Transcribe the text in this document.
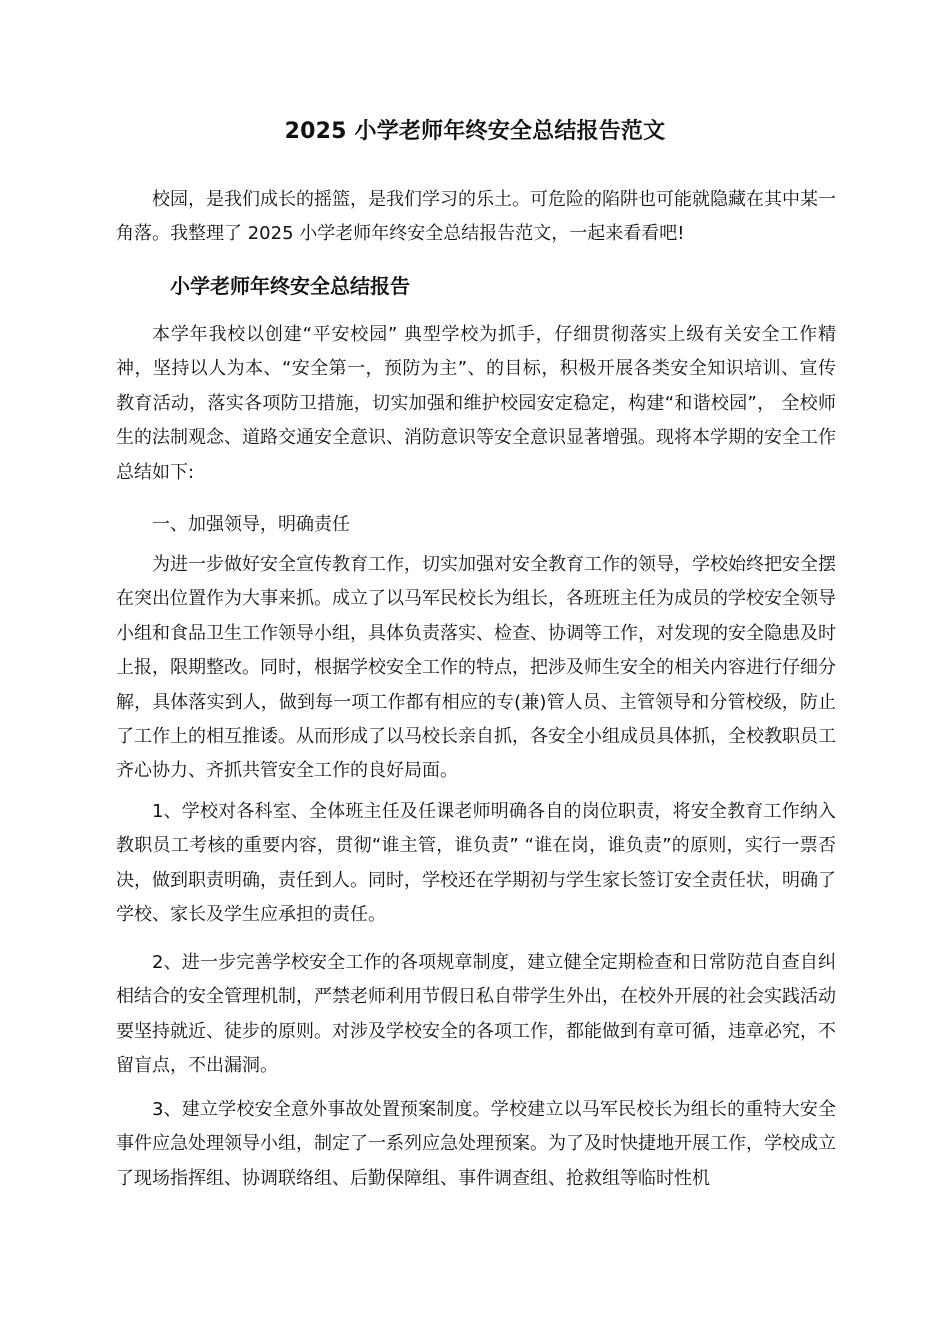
2025 小学老师年终安全总结报告范文
校园，是我们成长的摇篮，是我们学习的乐土。可危险的陷阱也可能就隐藏在其中某一角落。我整理了 2025 小学老师年终安全总结报告范文，一起来看看吧!
小学老师年终安全总结报告
本学年我校以创建“平安校园” 典型学校为抓手，仔细贯彻落实上级有关安全工作精神，坚持以人为本、“安全第一，预防为主”、的目标，积极开展各类安全知识培训、宣传教育活动，落实各项防卫措施，切实加强和维护校园安定稳定，构建“和谐校园”， 全校师生的法制观念、道路交通安全意识、消防意识等安全意识显著增强。现将本学期的安全工作总结如下:
一、加强领导，明确责任
为进一步做好安全宣传教育工作，切实加强对安全教育工作的领导，学校始终把安全摆在突出位置作为大事来抓。成立了以马军民校长为组长，各班班主任为成员的学校安全领导小组和食品卫生工作领导小组，具体负责落实、检查、协调等工作，对发现的安全隐患及时上报，限期整改。同时，根据学校安全工作的特点，把涉及师生安全的相关内容进行仔细分解，具体落实到人，做到每一项工作都有相应的专(兼)管人员、主管领导和分管校级，防止了工作上的相互推诿。从而形成了以马校长亲自抓，各安全小组成员具体抓，全校教职员工齐心协力、齐抓共管安全工作的良好局面。
1、学校对各科室、全体班主任及任课老师明确各自的岗位职责，将安全教育工作纳入教职员工考核的重要内容，贯彻“谁主管，谁负责” “谁在岗，谁负责”的原则，实行一票否决，做到职责明确，责任到人。同时，学校还在学期初与学生家长签订安全责任状，明确了学校、家长及学生应承担的责任。
2、进一步完善学校安全工作的各项规章制度，建立健全定期检查和日常防范自查自纠相结合的安全管理机制，严禁老师利用节假日私自带学生外出，在校外开展的社会实践活动要坚持就近、徒步的原则。对涉及学校安全的各项工作，都能做到有章可循，违章必究，不留盲点，不出漏洞。
3、建立学校安全意外事故处置预案制度。学校建立以马军民校长为组长的重特大安全事件应急处理领导小组，制定了一系列应急处理预案。为了及时快捷地开展工作，学校成立了现场指挥组、协调联络组、后勤保障组、事件调查组、抢救组等临时性机
